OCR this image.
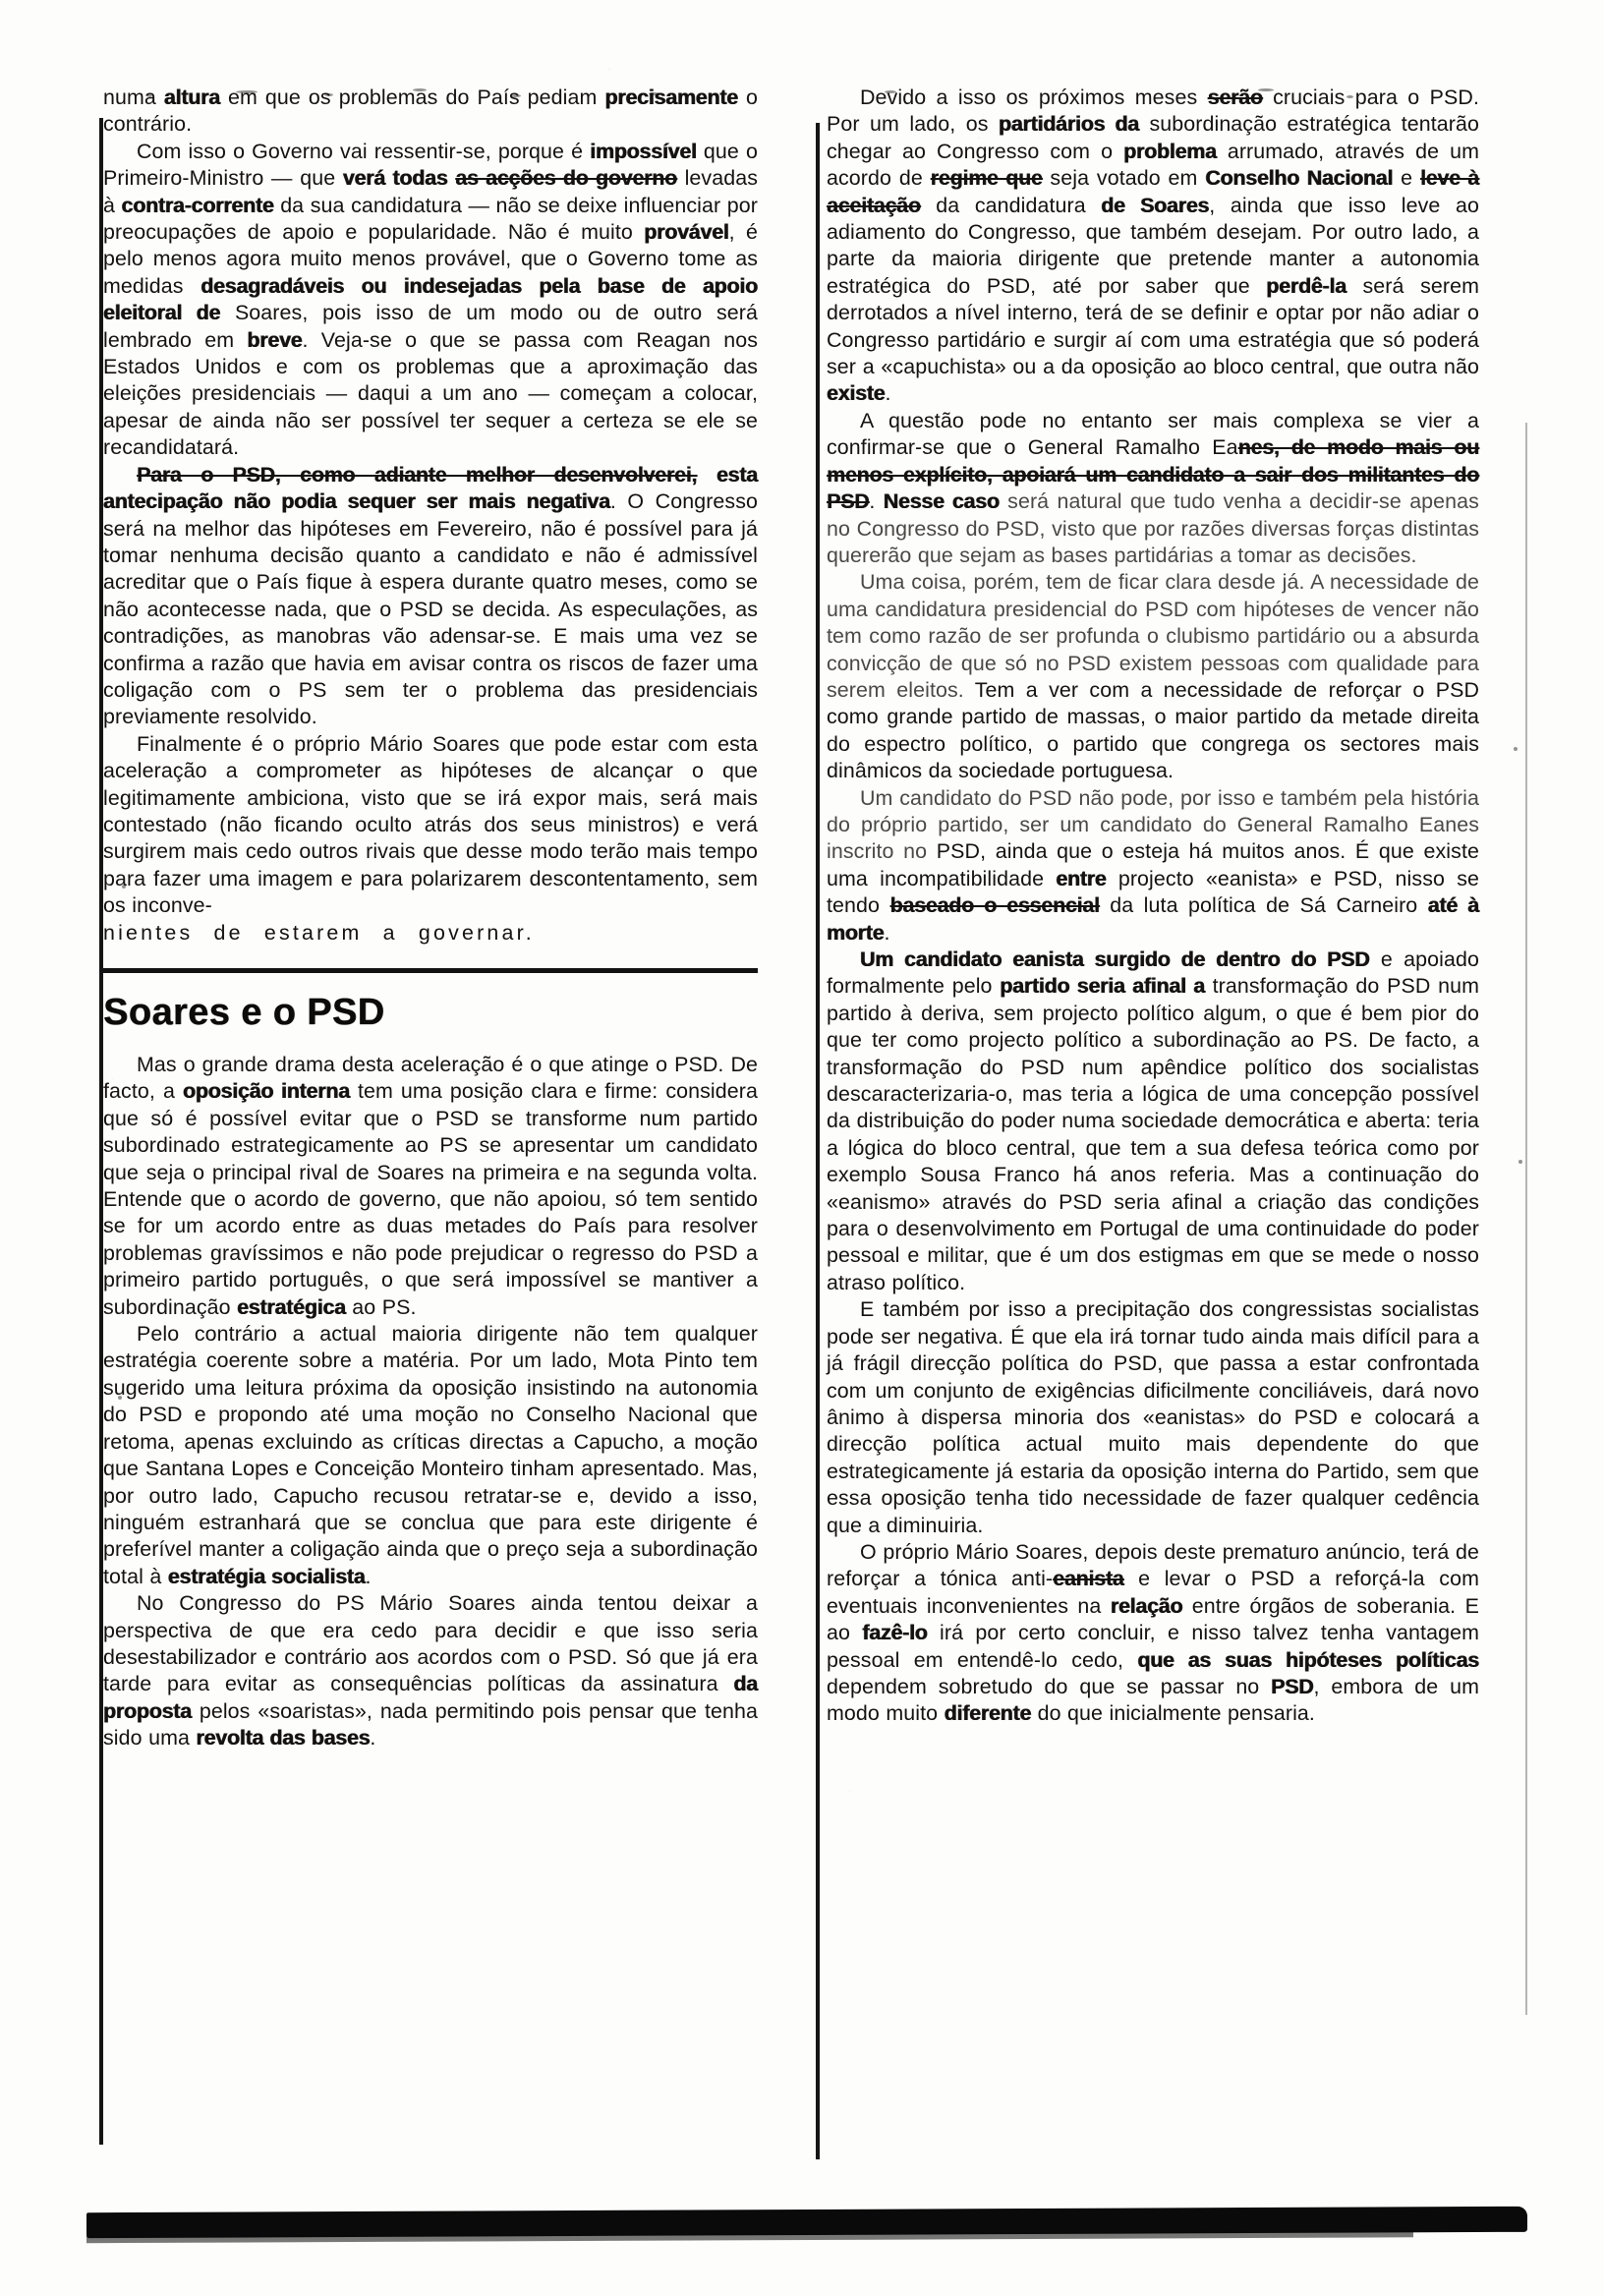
numa altura em que os problemas do País pediam precisamente o contrário.

Com isso o Governo vai ressentir-se, porque é impossível que o Primeiro-Ministro — que verá todas as acções do governo levadas à contra-corrente da sua candidatura — não se deixe influenciar por preocupações de apoio e popularidade. Não é muito provável, é pelo menos agora muito menos provável, que o Governo tome as medidas desagradáveis ou indesejadas pela base de apoio eleitoral de Soares, pois isso de um modo ou de outro será lembrado em breve. Veja-se o que se passa com Reagan nos Estados Unidos e com os problemas que a aproximação das eleições presidenciais — daqui a um ano — começam a colocar, apesar de ainda não ser possível ter sequer a certeza se ele se recandidatará.

Para o PSD, como adiante melhor desenvolverei, esta antecipação não podia sequer ser mais negativa. O Congresso será na melhor das hipóteses em Fevereiro, não é possível para já tomar nenhuma decisão quanto a candidato e não é admissível acreditar que o País fique à espera durante quatro meses, como se não acontecesse nada, que o PSD se decida. As especulações, as contradições, as manobras vão adensar-se. E mais uma vez se confirma a razão que havia em avisar contra os riscos de fazer uma coligação com o PS sem ter o problema das presidenciais previamente resolvido.

Finalmente é o próprio Mário Soares que pode estar com esta aceleração a comprometer as hipóteses de alcançar o que legitimamente ambiciona, visto que se irá expor mais, será mais contestado (não ficando oculto atrás dos seus ministros) e verá surgirem mais cedo outros rivais que desse modo terão mais tempo para fazer uma imagem e para polarizarem descontentamento, sem os inconve-

nientes de estarem a governar.

Soares e o PSD

Mas o grande drama desta aceleração é o que atinge o PSD. De facto, a oposição interna tem uma posição clara e firme: considera que só é possível evitar que o PSD se transforme num partido subordinado estrategicamente ao PS se apresentar um candidato que seja o principal rival de Soares na primeira e na segunda volta. Entende que o acordo de governo, que não apoiou, só tem sentido se for um acordo entre as duas metades do País para resolver problemas gravíssimos e não pode prejudicar o regresso do PSD a primeiro partido português, o que será impossível se mantiver a subordinação estratégica ao PS.

Pelo contrário a actual maioria dirigente não tem qualquer estratégia coerente sobre a matéria. Por um lado, Mota Pinto tem sugerido uma leitura próxima da oposição insistindo na autonomia do PSD e propondo até uma moção no Conselho Nacional que retoma, apenas excluindo as críticas directas a Capucho, a moção que Santana Lopes e Conceição Monteiro tinham apresentado. Mas, por outro lado, Capucho recusou retratar-se e, devido a isso, ninguém estranhará que se conclua que para este dirigente é preferível manter a coligação ainda que o preço seja a subordinação total à estratégia socialista.

No Congresso do PS Mário Soares ainda tentou deixar a perspectiva de que era cedo para decidir e que isso seria desestabilizador e contrário aos acordos com o PSD. Só que já era tarde para evitar as consequências políticas da assinatura da proposta pelos «soaristas», nada permitindo pois pensar que tenha sido uma revolta das bases.

Devido a isso os próximos meses serão cruciais para o PSD. Por um lado, os partidários da subordinação estratégica tentarão chegar ao Congresso com o problema arrumado, através de um acordo de regime que seja votado em Conselho Nacional e leve à aceitação da candidatura de Soares, ainda que isso leve ao adiamento do Congresso, que também desejam. Por outro lado, a parte da maioria dirigente que pretende manter a autonomia estratégica do PSD, até por saber que perdê-la será serem derrotados a nível interno, terá de se definir e optar por não adiar o Congresso partidário e surgir aí com uma estratégia que só poderá ser a «capuchista» ou a da oposição ao bloco central, que outra não existe.

A questão pode no entanto ser mais complexa se vier a confirmar-se que o General Ramalho Eanes, de modo mais ou menos explícito, apoiará um candidato a sair dos militantes do PSD. Nesse caso será natural que tudo venha a decidir-se apenas no Congresso do PSD, visto que por razões diversas forças distintas quererão que sejam as bases partidárias a tomar as decisões.

Uma coisa, porém, tem de ficar clara desde já. A necessidade de uma candidatura presidencial do PSD com hipóteses de vencer não tem como razão de ser profunda o clubismo partidário ou a absurda convicção de que só no PSD existem pessoas com qualidade para serem eleitos. Tem a ver com a necessidade de reforçar o PSD como grande partido de massas, o maior partido da metade direita do espectro político, o partido que congrega os sectores mais dinâmicos da sociedade portuguesa.

Um candidato do PSD não pode, por isso e também pela história do próprio partido, ser um candidato do General Ramalho Eanes inscrito no PSD, ainda que o esteja há muitos anos. É que existe uma incompatibilidade entre projecto «eanista» e PSD, nisso se tendo baseado o essencial da luta política de Sá Carneiro até à morte.

Um candidato eanista surgido de dentro do PSD e apoiado formalmente pelo partido seria afinal a transformação do PSD num partido à deriva, sem projecto político algum, o que é bem pior do que ter como projecto político a subordinação ao PS. De facto, a transformação do PSD num apêndice político dos socialistas descaracterizaria-o, mas teria a lógica de uma concepção possível da distribuição do poder numa sociedade democrática e aberta: teria a lógica do bloco central, que tem a sua defesa teórica como por exemplo Sousa Franco há anos referia. Mas a continuação do «eanismo» através do PSD seria afinal a criação das condições para o desenvolvimento em Portugal de uma continuidade do poder pessoal e militar, que é um dos estigmas em que se mede o nosso atraso político.

E também por isso a precipitação dos congressistas socialistas pode ser negativa. É que ela irá tornar tudo ainda mais difícil para a já frágil direcção política do PSD, que passa a estar confrontada com um conjunto de exigências dificilmente conciliáveis, dará novo ânimo à dispersa minoria dos «eanistas» do PSD e colocará a direcção política actual muito mais dependente do que estrategicamente já estaria da oposição interna do Partido, sem que essa oposição tenha tido necessidade de fazer qualquer cedência que a diminuiria.

O próprio Mário Soares, depois deste prematuro anúncio, terá de reforçar a tónica anti-eanista e levar o PSD a reforçá-la com eventuais inconvenientes na relação entre órgãos de soberania. E ao fazê-lo irá por certo concluir, e nisso talvez tenha vantagem pessoal em entendê-lo cedo, que as suas hipóteses políticas dependem sobretudo do que se passar no PSD, embora de um modo muito diferente do que inicialmente pensaria.
